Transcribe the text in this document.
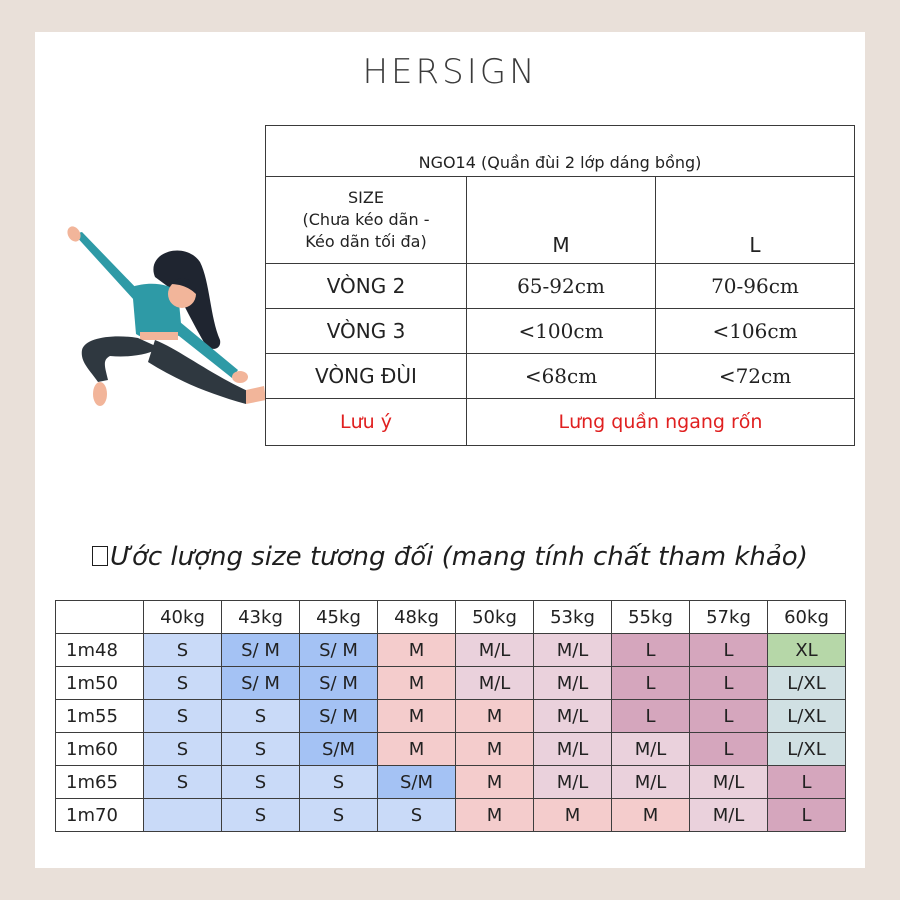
HERSIGN
NGO14 (Quần đùi 2 lớp dáng bồng)		

SIZE
(Chưa kéo dãn -
Kéo dãn tối đa)	M	L
VÒNG 2	65-92cm	70-96cm
VÒNG 3	<100cm	<106cm
VÒNG ĐÙI	<68cm	<72cm
Lưu ý	Lưng quần ngang rốn	
Ước lượng size tương đối (mang tính chất tham khảo)
	40kg	43kg	45kg	48kg	50kg	53kg	55kg	57kg	60kg
1m48	S	S/ M	S/ M	M	M/L	M/L	L	L	XL
1m50	S	S/ M	S/ M	M	M/L	M/L	L	L	L/XL
1m55	S	S	S/ M	M	M	M/L	L	L	L/XL
1m60	S	S	S/M	M	M	M/L	M/L	L	L/XL
1m65	S	S	S	S/M	M	M/L	M/L	M/L	L
1m70		S	S	S	M	M	M	M/L	L
